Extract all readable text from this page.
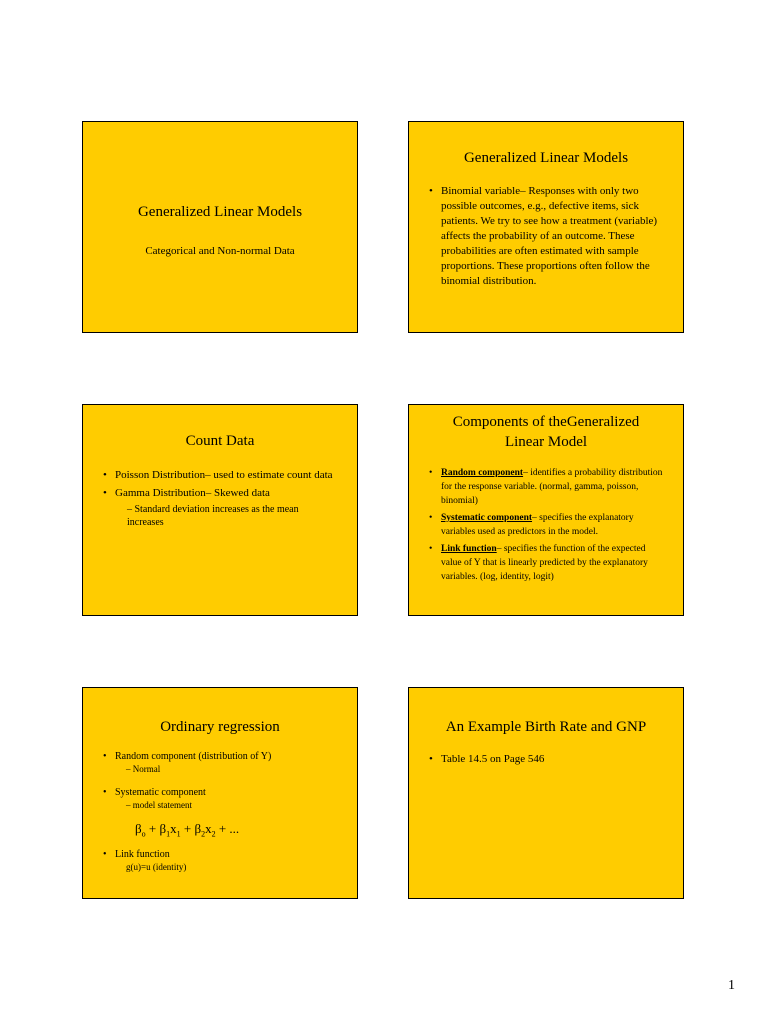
Generalized Linear Models
Categorical and Non-normal Data
Generalized Linear Models
• Binomial variable– Responses with only two possible outcomes, e.g., defective items, sick patients. We try to see how a treatment (variable) affects the probability of an outcome. These probabilities are often estimated with sample proportions. These proportions often follow the binomial distribution.
Count Data
• Poisson Distribution– used to estimate count data
• Gamma Distribution– Skewed data
– Standard deviation increases as the mean increases
Components of theGeneralized
Linear Model
• Random component– identifies a probability distribution for the response variable. (normal, gamma, poisson, binomial)
• Systematic component– specifies the explanatory variables used as predictors in the model.
• Link function– specifies the function of the expected value of Y that is linearly predicted by the explanatory variables. (log, identity, logit)
Ordinary regression
• Random component (distribution of Y)
– Normal
• Systematic component
– model statement
$\beta_o + \beta_1x_1 + \beta_2x_2$ + ...
• Link function
g(u)=u (identity)
An Example Birth Rate and GNP
• Table 14.5 on Page 546
1
